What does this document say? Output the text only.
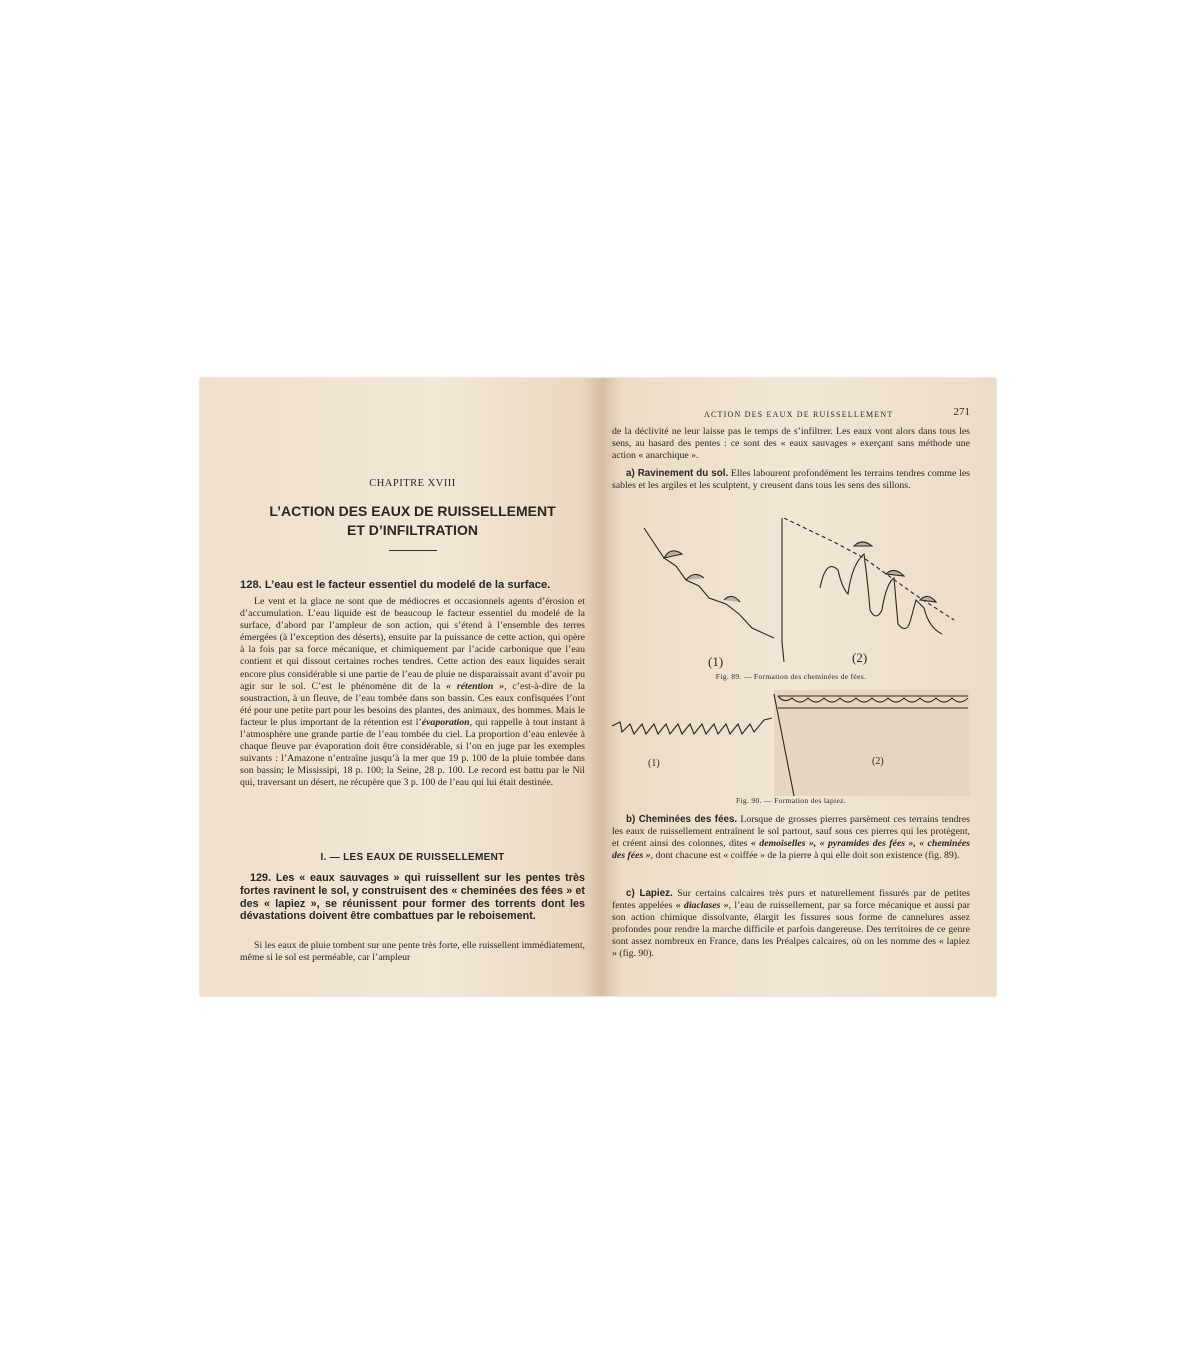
CHAPITRE XVIII
L’ACTION DES EAUX DE RUISSELLEMENT
ET D’INFILTRATION

128. L’eau est le facteur essentiel du modelé de la surface.

Le vent et la glace ne sont que de médiocres et occasionnels agents d’érosion et d’accumulation. L’eau liquide est de beaucoup le facteur essentiel du modelé de la surface, d’abord par l’ampleur de son action, qui s’étend à l’ensemble des terres émergées (à l’exception des déserts), ensuite par la puissance de cette action, qui opère à la fois par sa force mécanique, et chimiquement par l’acide carbonique que l’eau contient et qui dissout certaines roches tendres. Cette action des eaux liquides serait encore plus considérable si une partie de l’eau de pluie ne disparaissait avant d’avoir pu agir sur le sol. C’est le phénomène dit de la « rétention », c’est-à-dire de la soustraction, à un fleuve, de l’eau tombée dans son bassin. Ces eaux confisquées l’ont été pour une petite part pour les besoins des plantes, des animaux, des hommes. Mais le facteur le plus important de la rétention est l’évaporation, qui rappelle à tout instant à l’atmosphère une grande partie de l’eau tombée du ciel. La proportion d’eau enlevée à chaque fleuve par évaporation doit être considérable, si l’on en juge par les exemples suivants : l’Amazone n’entraîne jusqu’à la mer que 19 p. 100 de la pluie tombée dans son bassin; le Mississipi, 18 p. 100; la Seine, 28 p. 100. Le record est battu par le Nil qui, traversant un désert, ne récupère que 3 p. 100 de l’eau qui lui était destinée.

I. — LES EAUX DE RUISSELLEMENT

129. Les « eaux sauvages » qui ruissellent sur les pentes très fortes ravinent le sol, y construisent des « cheminées des fées » et des « lapiez », se réunissent pour former des torrents dont les dévastations doivent être combattues par le reboisement.

Si les eaux de pluie tombent sur une pente très forte, elle ruissellent immédiatement, même si le sol est perméable, car l’ampleur

ACTION DES EAUX DE RUISSELLEMENT	271

de la déclivité ne leur laisse pas le temps de s’infiltrer. Les eaux vont alors dans tous les sens, au hasard des pentes : ce sont des « eaux sauvages » exerçant sans méthode une action « anarchique ».

a) Ravinement du sol. Elles labourent profondément les terrains tendres comme les sables et les argiles et les sculptent, y creusent dans tous les sens des sillons.

(1)	(2)
Fig. 89. — Formation des cheminées de fées.
(1)	(2)
Fig. 90. — Formation des lapiez.

b) Cheminées des fées. Lorsque de grosses pierres parsèment ces terrains tendres les eaux de ruissellement entraînent le sol partout, sauf sous ces pierres qui les protègent, et créent ainsi des colonnes, dites « demoiselles », « pyramides des fées », « cheminées des fées », dont chacune est « coiffée » de la pierre à qui elle doit son existence (fig. 89).

c) Lapiez. Sur certains calcaires très purs et naturellement fissurés par de petites fentes appelées « diaclases », l’eau de ruissellement, par sa force mécanique et aussi par son action chimique dissolvante, élargit les fissures sous forme de cannelures assez profondes pour rendre la marche difficile et parfois dangereuse. Des territoires de ce genre sont assez nombreux en France, dans les Préalpes calcaires, où on les nomme des « lapiez » (fig. 90).
